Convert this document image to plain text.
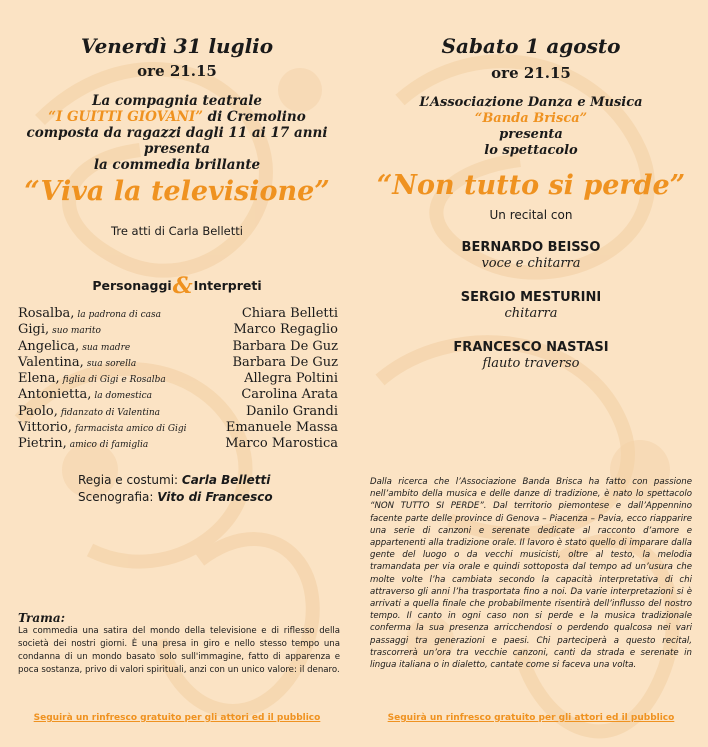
Venerdì 31 luglio
ore 21.15
La compagnia teatrale
“I GUITTI GIOVANI” di Cremolino
composta da ragazzi dagli 11 ai 17 anni
presenta
la commedia brillante
“Viva la televisione”
Tre atti di Carla Belletti
Personaggi&Interpreti
Rosalba, la padrona di casa	Chiara Belletti
Gigi, suo marito	Marco Regaglio
Angelica, sua madre	Barbara De Guz
Valentina, sua sorella	Barbara De Guz
Elena, figlia di Gigi e Rosalba	Allegra Poltini
Antonietta, la domestica	Carolina Arata
Paolo, fidanzato di Valentina	Danilo Grandi
Vittorio, farmacista amico di Gigi	Emanuele Massa
Pietrin, amico di famiglia	Marco Marostica
Regia e costumi: Carla Belletti
Scenografia: Vito di Francesco
Trama:
La commedia una satira del mondo della televisione e di riflesso della società dei nostri giorni. È una presa in giro e nello stesso tempo una condanna di un mondo basato solo sull'immagine, fatto di apparenza e poca sostanza, privo di valori spirituali, anzi con un unico valore: il denaro.
Seguirà un rinfresco gratuito per gli attori ed il pubblico
Sabato 1 agosto
ore 21.15
L’Associazione Danza e Musica
“Banda Brisca”
presenta
lo spettacolo
“Non tutto si perde”
Un recital con
BERNARDO BEISSO
voce e chitarra
SERGIO MESTURINI
chitarra
FRANCESCO NASTASI
flauto traverso
Dalla ricerca che l’Associazione Banda Brisca ha fatto con passione nell’ambito della musica e delle danze di tradizione, è nato lo spettacolo “NON TUTTO SI PERDE”. Dal territorio piemontese e dall’Appennino facente parte delle province di Genova – Piacenza – Pavia, ecco riapparire una serie di canzoni e serenate dedicate al racconto d’amore e appartenenti alla tradizione orale. Il lavoro è stato quello di imparare dalla gente del luogo o da vecchi musicisti, oltre al testo, la melodia tramandata per via orale e quindi sottoposta dal tempo ad un’usura che molte volte l’ha cambiata secondo la capacità interpretativa di chi attraverso gli anni l’ha trasportata fino a noi. Da varie interpretazioni si è arrivati a quella finale che probabilmente risentirà dell’influsso del nostro tempo. Il canto in ogni caso non si perde e la musica tradizionale conferma la sua presenza arricchendosi o perdendo qualcosa nei vari passaggi tra generazioni e paesi. Chi parteciperà a questo recital, trascorrerà un’ora tra vecchie canzoni, canti da strada e serenate in lingua italiana o in dialetto, cantate come si faceva una volta.
Seguirà un rinfresco gratuito per gli attori ed il pubblico
